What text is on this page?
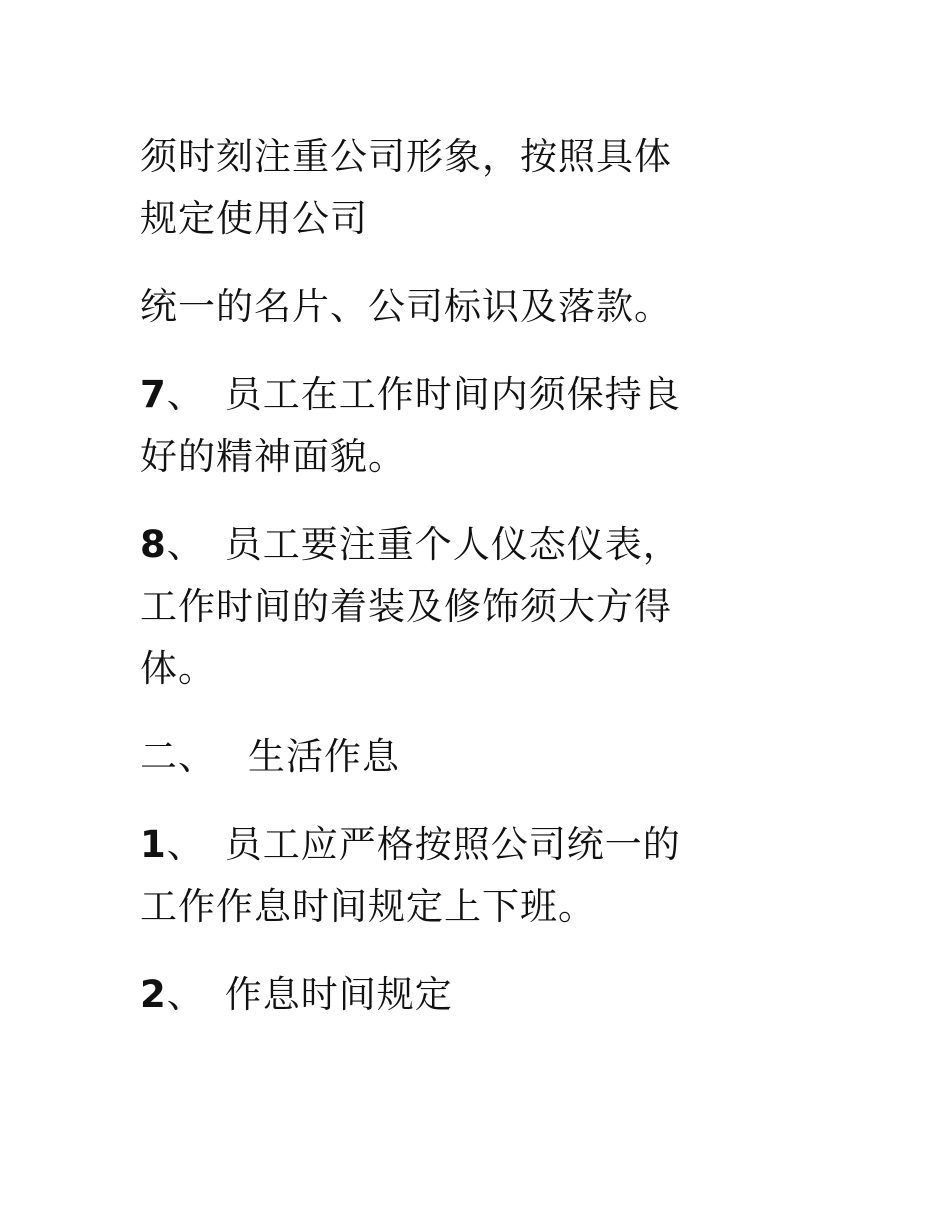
须时刻注重公司形象，按照具体
规定使用公司
统一的名片、公司标识及落款。
7、 员工在工作时间内须保持良
好的精神面貌。
8、 员工要注重个人仪态仪表，
工作时间的着装及修饰须大方得
体。
二、 生活作息
1、 员工应严格按照公司统一的
工作作息时间规定上下班。
2、 作息时间规定
